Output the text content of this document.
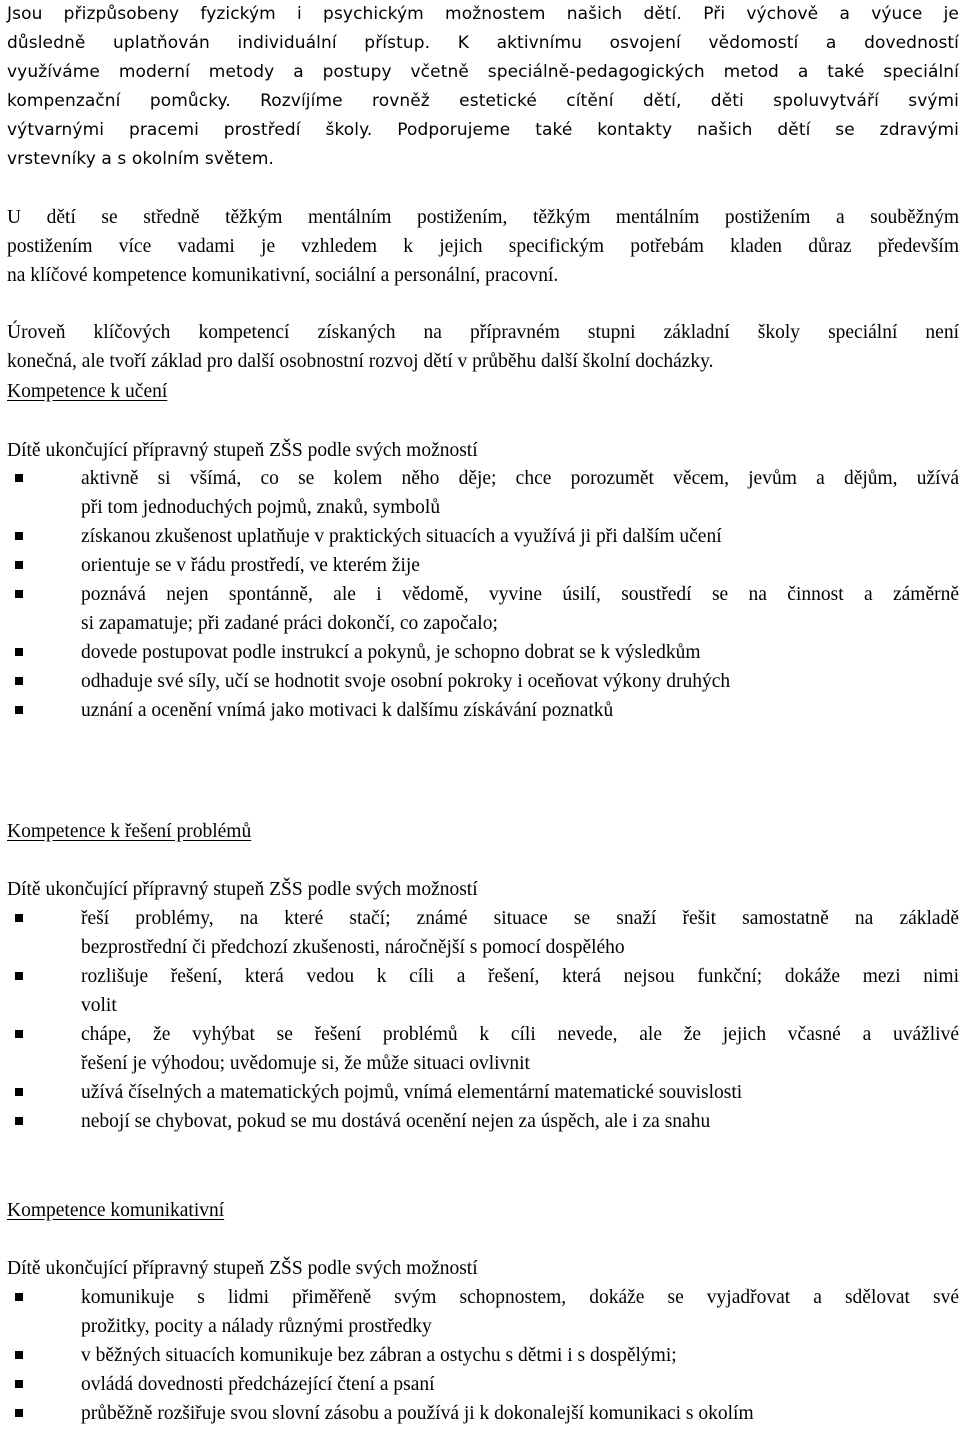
Jsou přizpůsobeny fyzickým i psychickým možnostem našich dětí. Při výchově a výuce je
důsledně uplatňován individuální přístup. K aktivnímu osvojení vědomostí a dovedností
využíváme moderní metody a postupy včetně speciálně-pedagogických metod a také speciální
kompenzační pomůcky. Rozvíjíme rovněž estetické cítění dětí, děti spoluvytváří svými
výtvarnými pracemi prostředí školy. Podporujeme také kontakty našich dětí se zdravými
vrstevníky a s okolním světem.

U dětí se středně těžkým mentálním postižením, těžkým mentálním postižením a souběžným
postižením více vadami je vzhledem k jejich specifickým potřebám kladen důraz především
na klíčové kompetence komunikativní, sociální a personální, pracovní.

Úroveň klíčových kompetencí získaných na přípravném stupni základní školy speciální není
konečná, ale tvoří základ pro další osobnostní rozvoj dětí v průběhu další školní docházky.

Kompetence k učení
Dítě ukončující přípravný stupeň ZŠS podle svých možností
aktivně si všímá, co se kolem něho děje; chce porozumět věcem, jevům a dějům, užívá
při tom jednoduchých pojmů, znaků, symbolů
získanou zkušenost uplatňuje v praktických situacích a využívá ji při dalším učení
orientuje se v řádu prostředí, ve kterém žije
poznává nejen spontánně, ale i vědomě, vyvine úsilí, soustředí se na činnost a záměrně
si zapamatuje; při zadané práci dokončí, co započalo;
dovede postupovat podle instrukcí a pokynů, je schopno dobrat se k výsledkům
odhaduje své síly, učí se hodnotit svoje osobní pokroky i oceňovat výkony druhých
uznání a ocenění vnímá jako motivaci k dalšímu získávání poznatků
Kompetence k řešení problémů
Dítě ukončující přípravný stupeň ZŠS podle svých možností
řeší problémy, na které stačí; známé situace se snaží řešit samostatně na základě
bezprostřední či předchozí zkušenosti, náročnější s pomocí dospělého
rozlišuje řešení, která vedou k cíli a řešení, která nejsou funkční; dokáže mezi nimi
volit
chápe, že vyhýbat se řešení problémů k cíli nevede, ale že jejich včasné a uvážlivé
řešení je výhodou; uvědomuje si, že může situaci ovlivnit
užívá číselných a matematických pojmů, vnímá elementární matematické souvislosti
nebojí se chybovat, pokud se mu dostává ocenění nejen za úspěch, ale i za snahu
Kompetence komunikativní
Dítě ukončující přípravný stupeň ZŠS podle svých možností
komunikuje s lidmi přiměřeně svým schopnostem, dokáže se vyjadřovat a sdělovat své
prožitky, pocity a nálady různými prostředky
v běžných situacích komunikuje bez zábran a ostychu s dětmi i s dospělými;
ovládá dovednosti předcházející čtení a psaní
průběžně rozšiřuje svou slovní zásobu a používá ji k dokonalejší komunikaci s okolím
